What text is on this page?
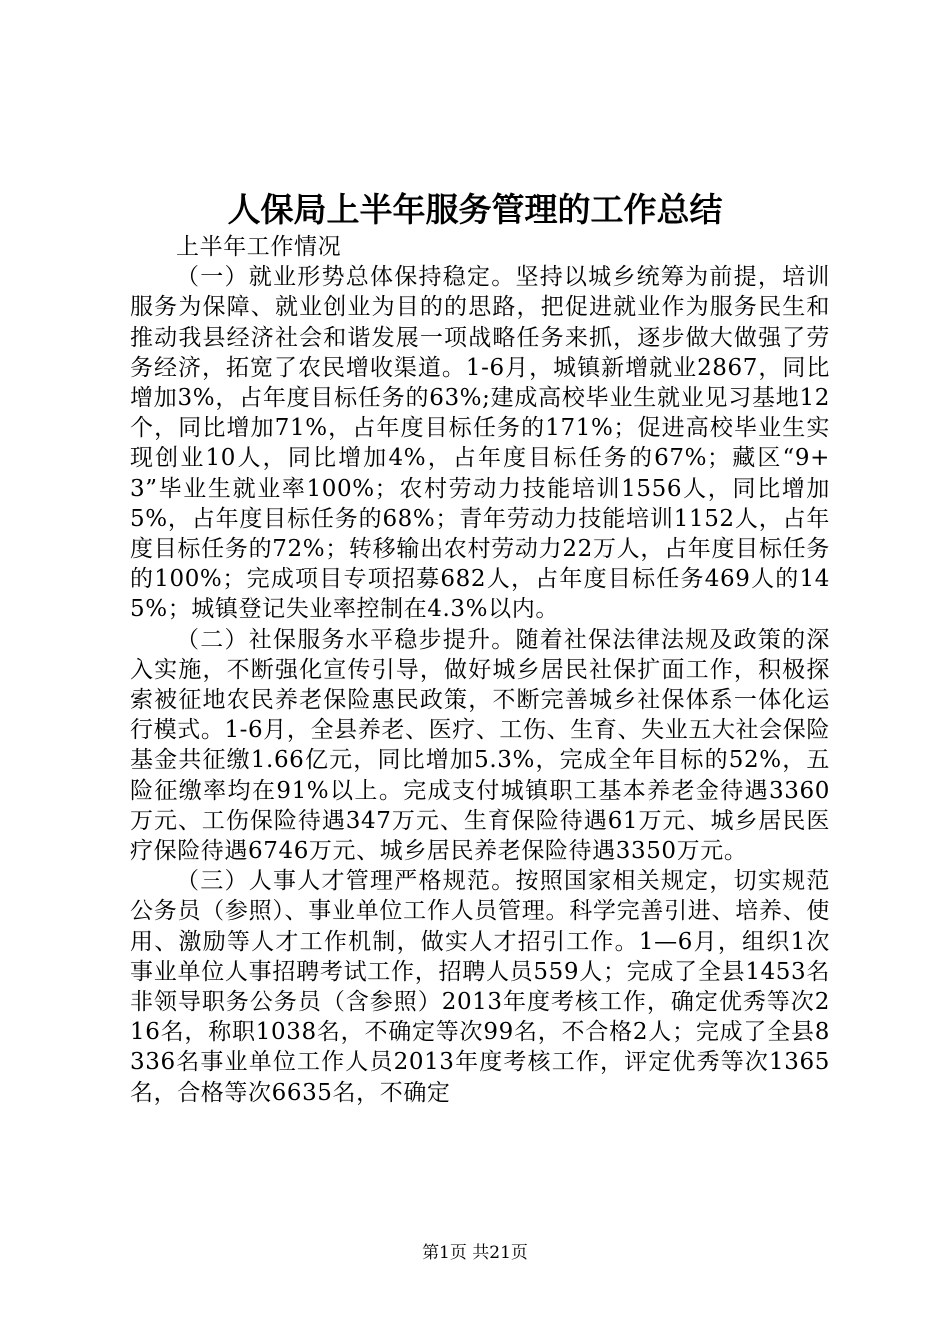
人保局上半年服务管理的工作总结

上半年工作情况

（一）就业形势总体保持稳定。坚持以城乡统筹为前提，培训服务为保障、就业创业为目的的思路，把促进就业作为服务民生和推动我县经济社会和谐发展一项战略任务来抓，逐步做大做强了劳务经济，拓宽了农民增收渠道。1-6月，城镇新增就业2867，同比增加3%，占年度目标任务的63%;建成高校毕业生就业见习基地12个，同比增加71%，占年度目标任务的171%；促进高校毕业生实现创业10人，同比增加4%，占年度目标任务的67%；藏区“9+3”毕业生就业率100%；农村劳动力技能培训1556人，同比增加5%，占年度目标任务的68%；青年劳动力技能培训1152人，占年度目标任务的72%；转移输出农村劳动力22万人，占年度目标任务的100%；完成项目专项招募682人，占年度目标任务469人的145%；城镇登记失业率控制在4.3%以内。

（二）社保服务水平稳步提升。随着社保法律法规及政策的深入实施，不断强化宣传引导，做好城乡居民社保扩面工作，积极探索被征地农民养老保险惠民政策，不断完善城乡社保体系一体化运行模式。1-6月，全县养老、医疗、工伤、生育、失业五大社会保险基金共征缴1.66亿元，同比增加5.3%，完成全年目标的52%，五险征缴率均在91%以上。完成支付城镇职工基本养老金待遇3360万元、工伤保险待遇347万元、生育保险待遇61万元、城乡居民医疗保险待遇6746万元、城乡居民养老保险待遇3350万元。

（三）人事人才管理严格规范。按照国家相关规定，切实规范公务员（参照）、事业单位工作人员管理。科学完善引进、培养、使用、激励等人才工作机制，做实人才招引工作。1—6月，组织1次事业单位人事招聘考试工作，招聘人员559人；完成了全县1453名非领导职务公务员（含参照）2013年度考核工作，确定优秀等次216名，称职1038名，不确定等次99名，不合格2人；完成了全县8336名事业单位工作人员2013年度考核工作，评定优秀等次1365名，合格等次6635名，不确定

第1页 共21页
